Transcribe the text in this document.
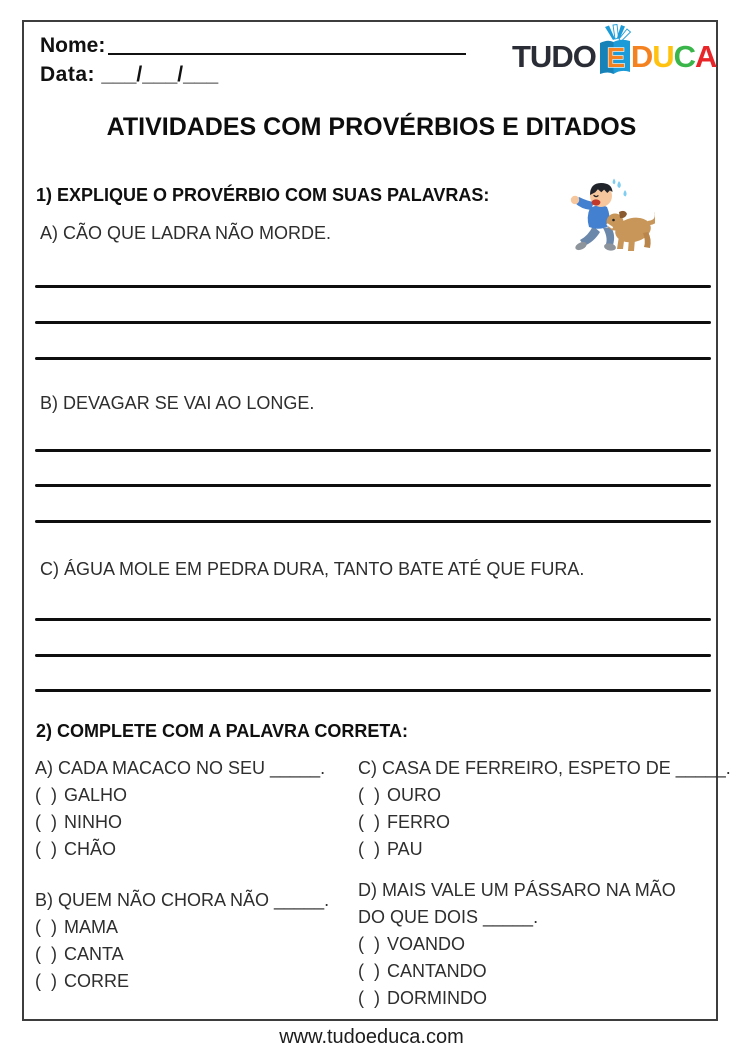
Nome:
Data: ___/___/___
TUDO E D U C A
ATIVIDADES COM PROVÉRBIOS E DITADOS
1) EXPLIQUE O PROVÉRBIO COM SUAS PALAVRAS:
A) CÃO QUE LADRA NÃO MORDE.
B) DEVAGAR SE VAI AO LONGE.
C) ÁGUA MOLE EM PEDRA DURA, TANTO BATE ATÉ QUE FURA.
2) COMPLETE COM A PALAVRA CORRETA:
A) CADA MACACO NO SEU _____.
(  ) GALHO
(  ) NINHO
(  ) CHÃO
C) CASA DE FERREIRO, ESPETO DE _____.
(  ) OURO
(  ) FERRO
(  ) PAU
B) QUEM NÃO CHORA NÃO _____.
(  ) MAMA
(  ) CANTA
(  ) CORRE
D) MAIS VALE UM PÁSSARO NA MÃO DO QUE DOIS _____.
(  ) VOANDO
(  ) CANTANDO
(  ) DORMINDO
www.tudoeduca.com
